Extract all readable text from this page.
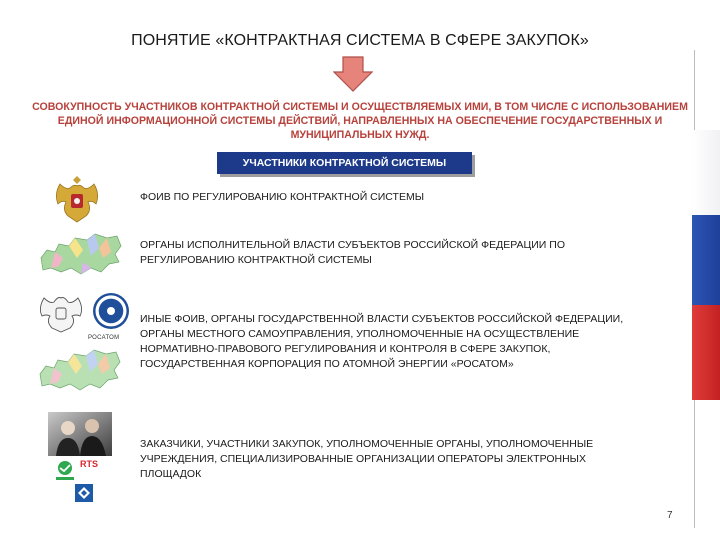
ПОНЯТИЕ «КОНТРАКТНАЯ СИСТЕМА В СФЕРЕ ЗАКУПОК»

СОВОКУПНОСТЬ УЧАСТНИКОВ КОНТРАКТНОЙ СИСТЕМЫ И ОСУЩЕСТВЛЯЕМЫХ ИМИ, В ТОМ ЧИСЛЕ С ИСПОЛЬЗОВАНИЕМ ЕДИНОЙ ИНФОРМАЦИОННОЙ СИСТЕМЫ ДЕЙСТВИЙ, НАПРАВЛЕННЫХ НА ОБЕСПЕЧЕНИЕ ГОСУДАРСТВЕННЫХ И МУНИЦИПАЛЬНЫХ НУЖД.

УЧАСТНИКИ КОНТРАКТНОЙ СИСТЕМЫ

ФОИВ ПО РЕГУЛИРОВАНИЮ КОНТРАКТНОЙ СИСТЕМЫ

ОРГАНЫ ИСПОЛНИТЕЛЬНОЙ ВЛАСТИ СУБЪЕКТОВ РОССИЙСКОЙ ФЕДЕРАЦИИ ПО РЕГУЛИРОВАНИЮ КОНТРАКТНОЙ СИСТЕМЫ

РОСАТОМ

ИНЫЕ ФОИВ, ОРГАНЫ ГОСУДАРСТВЕННОЙ ВЛАСТИ СУБЪЕКТОВ РОССИЙСКОЙ ФЕДЕРАЦИИ, ОРГАНЫ МЕСТНОГО САМОУПРАВЛЕНИЯ, УПОЛНОМОЧЕННЫЕ НА ОСУЩЕСТВЛЕНИЕ НОРМАТИВНО-ПРАВОВОГО РЕГУЛИРОВАНИЯ И КОНТРОЛЯ В СФЕРЕ ЗАКУПОК, ГОСУДАРСТВЕННАЯ КОРПОРАЦИЯ ПО АТОМНОЙ ЭНЕРГИИ «РОСАТОМ»

RTS

ЗАКАЗЧИКИ, УЧАСТНИКИ ЗАКУПОК, УПОЛНОМОЧЕННЫЕ ОРГАНЫ, УПОЛНОМОЧЕННЫЕ УЧРЕЖДЕНИЯ, СПЕЦИАЛИЗИРОВАННЫЕ ОРГАНИЗАЦИИ ОПЕРАТОРЫ ЭЛЕКТРОННЫХ ПЛОЩАДОК

7
